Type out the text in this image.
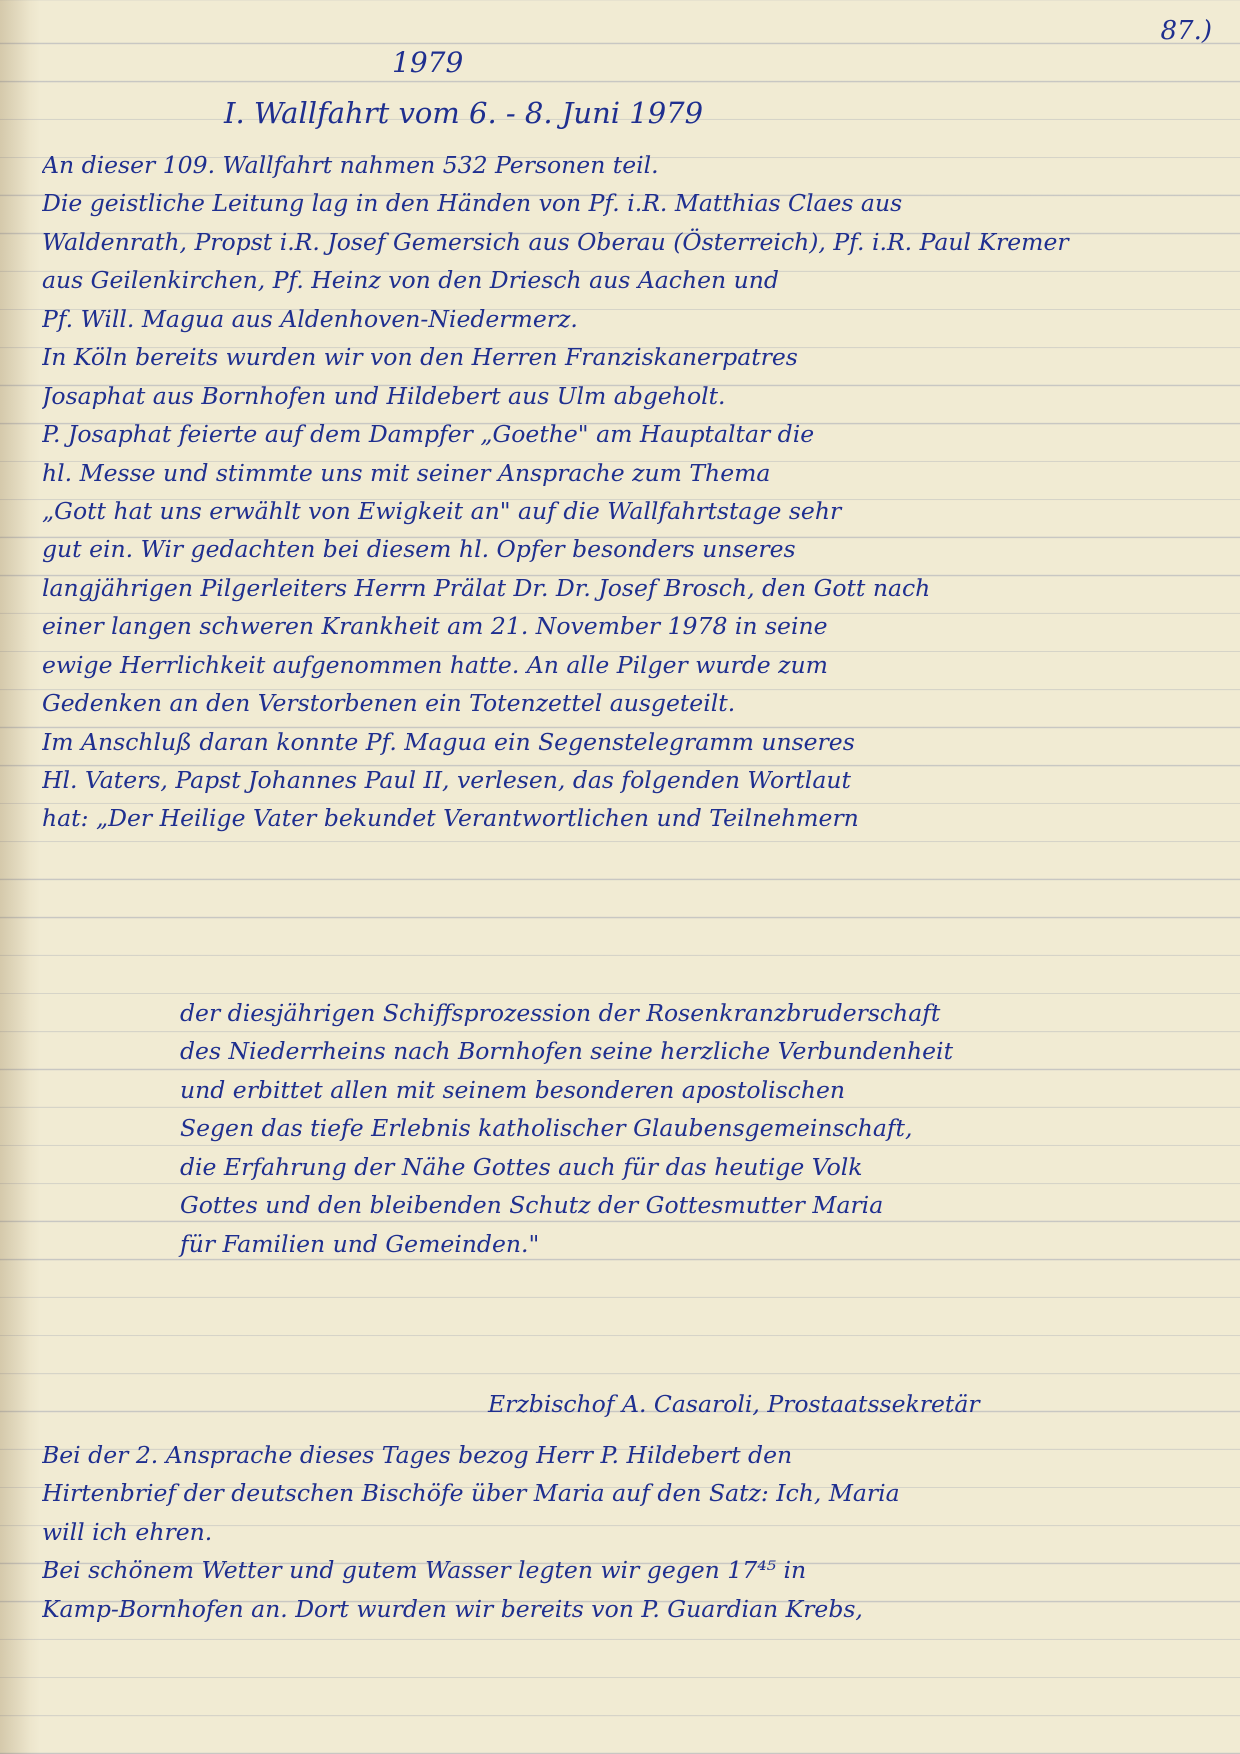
87.)
1979
I. Wallfahrt vom 6. - 8. Juni 1979
An dieser 109. Wallfahrt nahmen 532 Personen teil.
Die geistliche Leitung lag in den Händen von Pf. i.R. Matthias Claes aus
Waldenrath, Propst i.R. Josef Gemersich aus Oberau (Österreich), Pf. i.R. Paul Kremer
aus Geilenkirchen, Pf. Heinz von den Driesch aus Aachen und
Pf. Will. Magua aus Aldenhoven-Niedermerz.
In Köln bereits wurden wir von den Herren Franziskanerpatres
Josaphat aus Bornhofen und Hildebert aus Ulm abgeholt.
P. Josaphat feierte auf dem Dampfer „Goethe" am Hauptaltar die
hl. Messe und stimmte uns mit seiner Ansprache zum Thema
„Gott hat uns erwählt von Ewigkeit an" auf die Wallfahrtstage sehr
gut ein. Wir gedachten bei diesem hl. Opfer besonders unseres
langjährigen Pilgerleiters Herrn Prälat Dr. Dr. Josef Brosch, den Gott nach
einer langen schweren Krankheit am 21. November 1978 in seine
ewige Herrlichkeit aufgenommen hatte. An alle Pilger wurde zum
Gedenken an den Verstorbenen ein Totenzettel ausgeteilt.
Im Anschluß daran konnte Pf. Magua ein Segenstelegramm unseres
Hl. Vaters, Papst Johannes Paul II, verlesen, das folgenden Wortlaut
hat: „Der Heilige Vater bekundet Verantwortlichen und Teilnehmern
der diesjährigen Schiffsprozession der Rosenkranzbruderschaft
des Niederrheins nach Bornhofen seine herzliche Verbundenheit
und erbittet allen mit seinem besonderen apostolischen
Segen das tiefe Erlebnis katholischer Glaubensgemeinschaft,
die Erfahrung der Nähe Gottes auch für das heutige Volk
Gottes und den bleibenden Schutz der Gottesmutter Maria
für Familien und Gemeinden."
Erzbischof A. Casaroli, Prostaatssekretär
Bei der 2. Ansprache dieses Tages bezog Herr P. Hildebert den
Hirtenbrief der deutschen Bischöfe über Maria auf den Satz: Ich, Maria
will ich ehren.
Bei schönem Wetter und gutem Wasser legten wir gegen 17⁴⁵ in
Kamp-Bornhofen an. Dort wurden wir bereits von P. Guardian Krebs,
